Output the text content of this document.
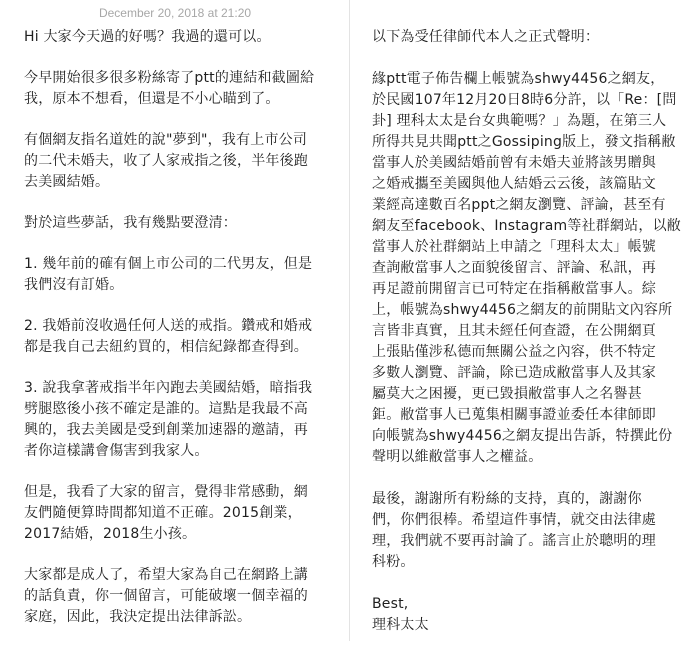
December 20, 2018 at 21:20

Hi 大家今天過的好嗎？我過的還可以。

今早開始很多很多粉絲寄了ptt的連結和截圖給
我，原本不想看，但還是不小心瞄到了。

有個網友指名道姓的說"夢到"，我有上市公司
的二代未婚夫，收了人家戒指之後，半年後跑
去美國結婚。

對於這些夢話，我有幾點要澄清：

1. 幾年前的確有個上市公司的二代男友，但是
我們沒有訂婚。

2. 我婚前沒收過任何人送的戒指。鑽戒和婚戒
都是我自己去紐約買的，相信紀錄都查得到。

3. 說我拿著戒指半年內跑去美國結婚，暗指我
劈腿愍後小孩不確定是誰的。這點是我最不高
興的，我去美國是受到創業加速器的邀請，再
者你這樣講會傷害到我家人。

但是，我看了大家的留言，覺得非常感動，網
友們隨便算時間都知道不正確。2015創業，
2017結婚，2018生小孩。

大家都是成人了，希望大家為自己在網路上講
的話負責，你一個留言，可能破壞一個幸福的
家庭，因此，我決定提出法律訴訟。

以下為受任律師代本人之正式聲明：

緣ptt電子佈告欄上帳號為shwy4456之網友，
於民國107年12月20日8時6分許，以「Re：[問
卦] 理科太太是台女典範嗎？」為題，在第三人
所得共見共聞ptt之Gossiping版上，發文指稱敝
當事人於美國結婚前曾有未婚夫並將該男贈與
之婚戒攜至美國與他人結婚云云後，該篇貼文
業經高達數百名ppt之網友瀏覽、評論，甚至有
網友至facebook、Instagram等社群網站，以敝
當事人於社群網站上申請之「理科太太」帳號
查詢敝當事人之面貌後留言、評論、私訊，再
再足證前開留言已可特定在指稱敝當事人。綜
上，帳號為shwy4456之網友的前開貼文內容所
言皆非真實，且其未經任何查證，在公開網頁
上張貼僅涉私德而無關公益之內容，供不特定
多數人瀏覽、評論，除已造成敝當事人及其家
屬莫大之困擾，更已毀損敝當事人之名譽甚
鉅。敝當事人已蒐集相關事證並委任本律師即
向帳號為shwy4456之網友提出告訴，特撰此份
聲明以維敝當事人之權益。

最後，謝謝所有粉絲的支持，真的，謝謝你
們，你們很棒。希望這件事情，就交由法律處
理，我們就不要再討論了。謠言止於聰明的理
科粉。

Best,
理科太太
